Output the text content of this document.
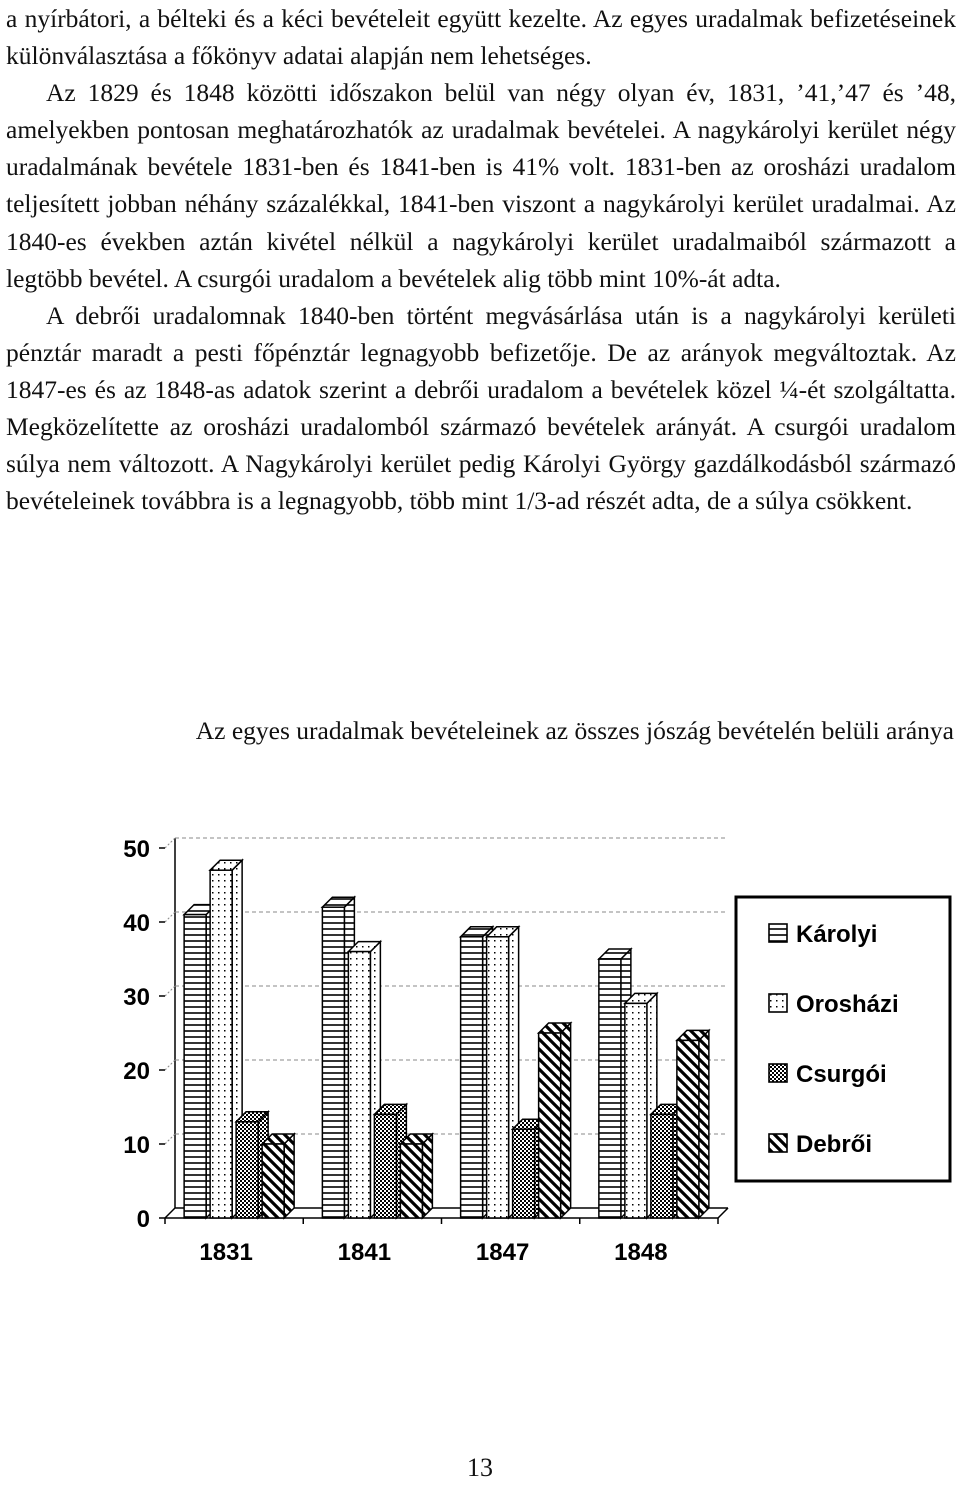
a nyírbátori, a bélteki és a kéci bevételeit együtt kezelte. Az egyes uradalmak befizetéseinek különválasztása a főkönyv adatai alapján nem lehetséges.

Az 1829 és 1848 közötti időszakon belül van négy olyan év, 1831, ’41,’47 és ’48, amelyekben pontosan meghatározhatók az uradalmak bevételei. A nagykárolyi kerület négy uradalmának bevétele 1831-ben és 1841-ben is 41% volt. 1831-ben az orosházi uradalom teljesített jobban néhány százalékkal, 1841-ben viszont a nagykárolyi kerület uradalmai. Az 1840-es években aztán kivétel nélkül a nagykárolyi kerület uradalmaiból származott a legtöbb bevétel. A csurgói uradalom a bevételek alig több mint 10%-át adta.

A debrői uradalomnak 1840-ben történt megvásárlása után is a nagykárolyi kerületi pénztár maradt a pesti főpénztár legnagyobb befizetője. De az arányok megváltoztak. Az 1847-es és az 1848-as adatok szerint a debrői uradalom a bevételek közel ¼-ét szolgáltatta. Megközelítette az orosházi uradalomból származó bevételek arányát. A csurgói uradalom súlya nem változott. A Nagykárolyi kerület pedig Károlyi György gazdálkodásból származó bevételeinek továbbra is a legnagyobb, több mint 1/3-ad részét adta, de a súlya csökkent.

Az egyes uradalmak bevételeinek az összes jószág bevételén belüli aránya
0
10
20
30
40
50
1831	1841	1847	1848
Károlyi
Orosházi
Csurgói
Debrői
13
